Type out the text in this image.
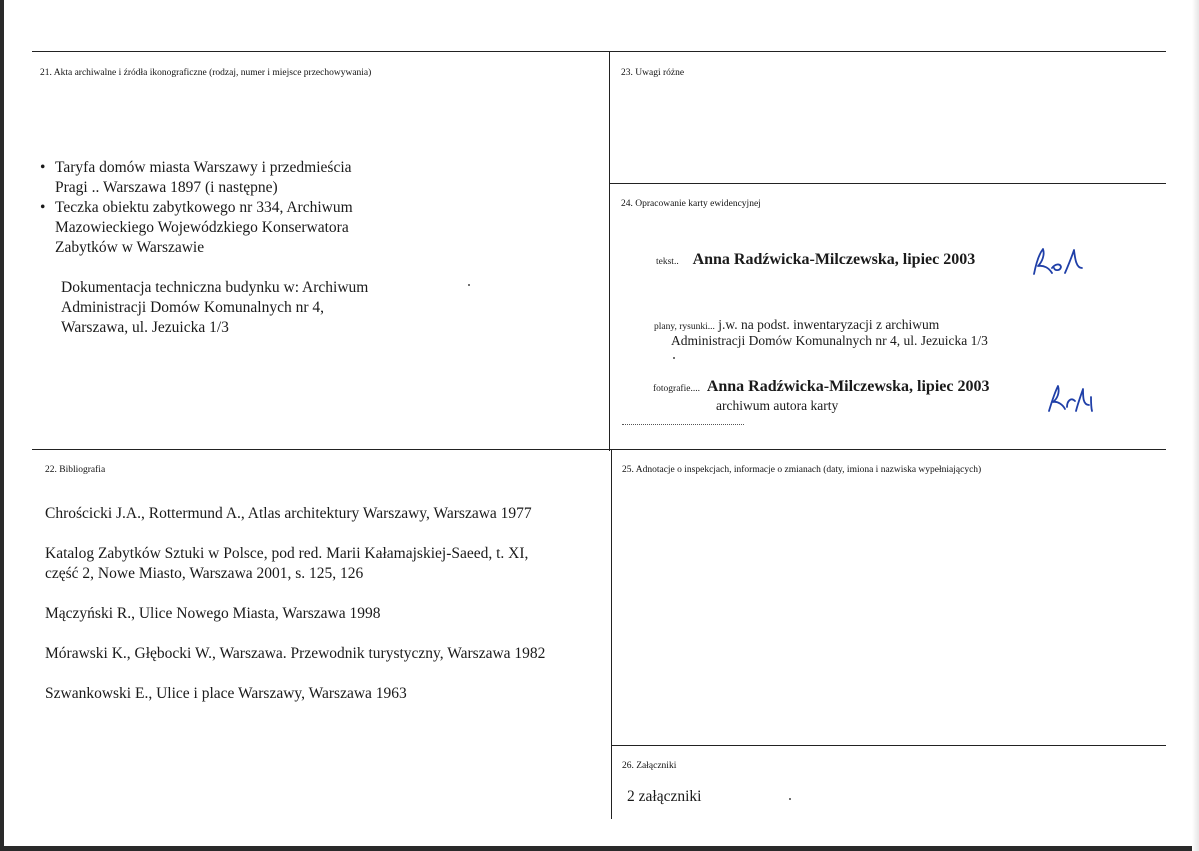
21. Akta archiwalne i źródła ikonograficzne (rodzaj, numer i miejsce przechowywania)
• Taryfa domów miasta Warszawy i przedmieścia
Pragi .. Warszawa 1897 (i następne)
• Teczka obiektu zabytkowego nr 334, Archiwum
Mazowieckiego Wojewódzkiego Konserwatora
Zabytków w Warszawie
Dokumentacja techniczna budynku w: Archiwum
Administracji Domów Komunalnych nr 4,
Warszawa, ul. Jezuicka 1/3
23. Uwagi różne
24. Opracowanie karty ewidencyjnej
tekst.. Anna Radźwicka-Milczewska, lipiec 2003
plany, rysunki... j.w. na podst. inwentaryzacji z archiwum
Administracji Domów Komunalnych nr 4, ul. Jezuicka 1/3
fotografie.... Anna Radźwicka-Milczewska, lipiec 2003
archiwum autora karty
22. Bibliografia
Chrościcki J.A., Rottermund A., Atlas architektury Warszawy, Warszawa 1977
Katalog Zabytków Sztuki w Polsce, pod red. Marii Kałamajskiej-Saeed, t. XI,
część 2, Nowe Miasto, Warszawa 2001, s. 125, 126
Mączyński R., Ulice Nowego Miasta, Warszawa 1998
Mórawski K., Głębocki W., Warszawa. Przewodnik turystyczny, Warszawa 1982
Szwankowski E., Ulice i place Warszawy, Warszawa 1963
25. Adnotacje o inspekcjach, informacje o zmianach (daty, imiona i nazwiska wypełniających)
26. Załączniki
2 załączniki
